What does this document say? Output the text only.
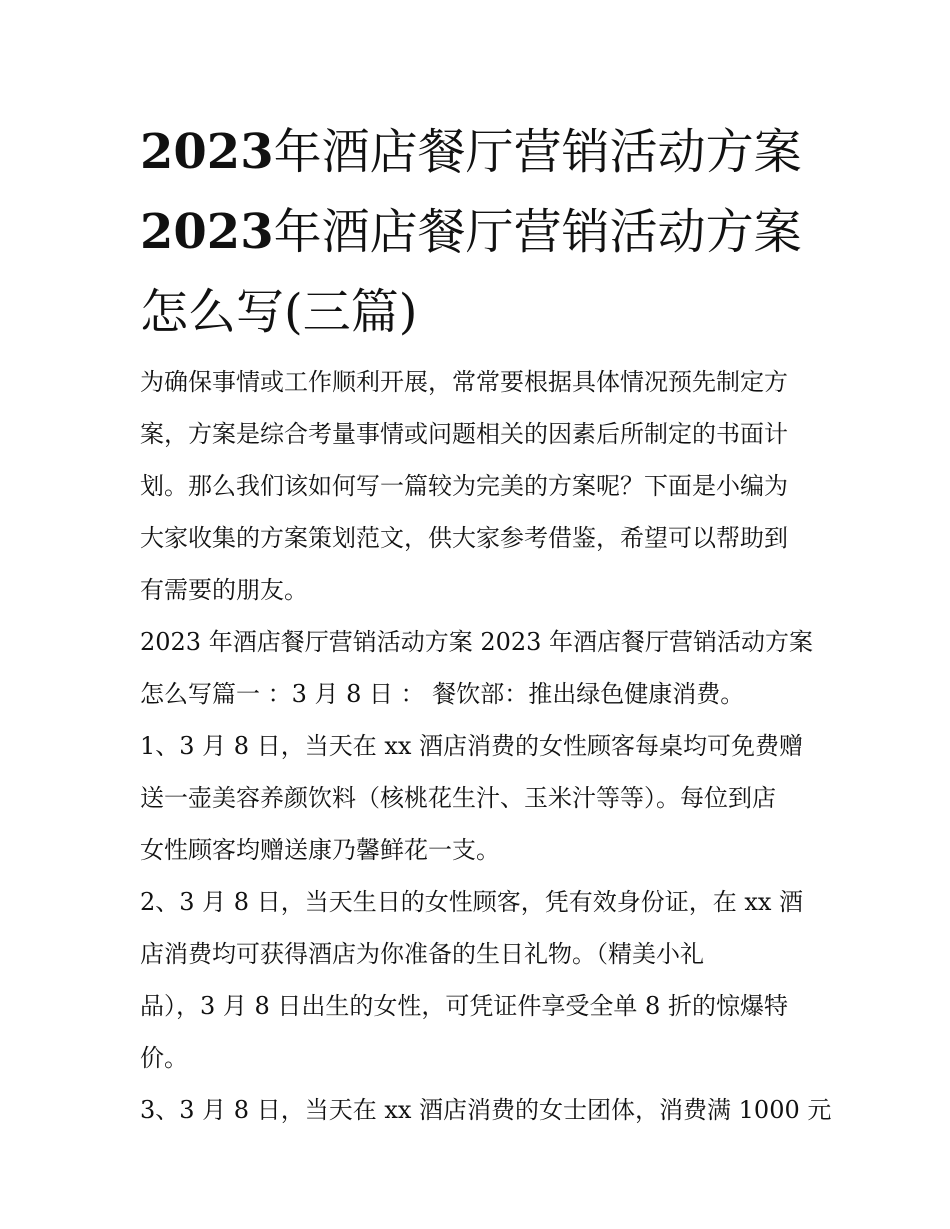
2023年酒店餐厅营销活动方案
2023年酒店餐厅营销活动方案
怎么写(三篇)
为确保事情或工作顺利开展，常常要根据具体情况预先制定方
案，方案是综合考量事情或问题相关的因素后所制定的书面计
划。那么我们该如何写一篇较为完美的方案呢？下面是小编为
大家收集的方案策划范文，供大家参考借鉴，希望可以帮助到
有需要的朋友。
2023 年酒店餐厅营销活动方案 2023 年酒店餐厅营销活动方案
怎么写篇一 ：3 月 8 日 ： 餐饮部：推出绿色健康消费。
1、3 月 8 日，当天在 xx 酒店消费的女性顾客每桌均可免费赠
送一壶美容养颜饮料（核桃花生汁、玉米汁等等）。每位到店
女性顾客均赠送康乃馨鲜花一支。
2、3 月 8 日，当天生日的女性顾客，凭有效身份证，在 xx 酒
店消费均可获得酒店为你准备的生日礼物。（精美小礼
品），3 月 8 日出生的女性，可凭证件享受全单 8 折的惊爆特
价。
3、3 月 8 日，当天在 xx 酒店消费的女士团体，消费满 1000 元
